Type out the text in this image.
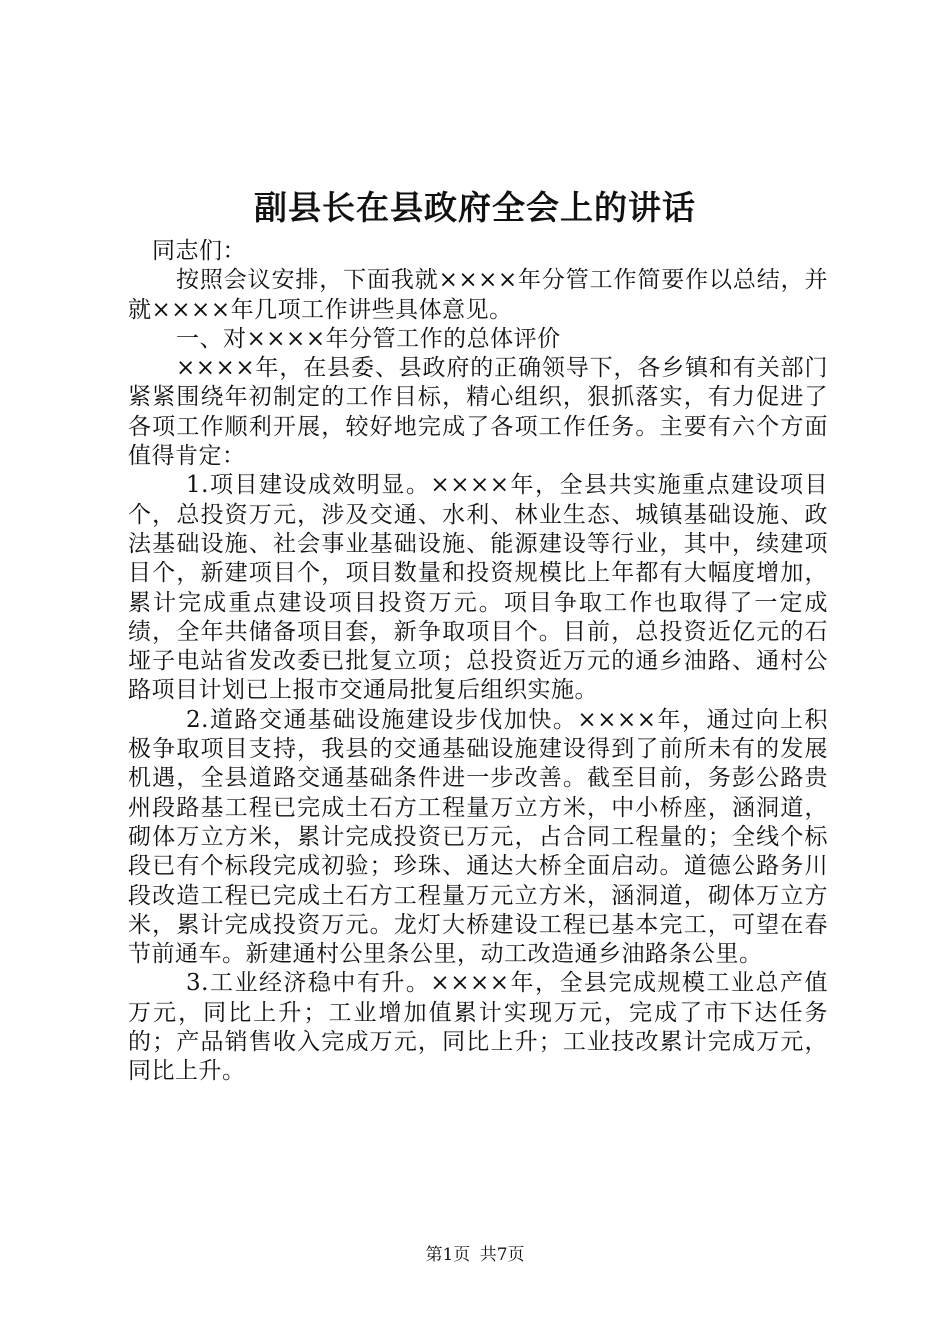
副县长在县政府全会上的讲话

同志们：

按照会议安排，下面我就××××年分管工作简要作以总结，并就××××年几项工作讲些具体意见。

一、对××××年分管工作的总体评价

××××年，在县委、县政府的正确领导下，各乡镇和有关部门紧紧围绕年初制定的工作目标，精心组织，狠抓落实，有力促进了各项工作顺利开展，较好地完成了各项工作任务。主要有六个方面值得肯定：

1.项目建设成效明显。××××年，全县共实施重点建设项目个，总投资万元，涉及交通、水利、林业生态、城镇基础设施、政法基础设施、社会事业基础设施、能源建设等行业，其中，续建项目个，新建项目个，项目数量和投资规模比上年都有大幅度增加，累计完成重点建设项目投资万元。项目争取工作也取得了一定成绩，全年共储备项目套，新争取项目个。目前，总投资近亿元的石垭子电站省发改委已批复立项；总投资近万元的通乡油路、通村公路项目计划已上报市交通局批复后组织实施。

2.道路交通基础设施建设步伐加快。××××年，通过向上积极争取项目支持，我县的交通基础设施建设得到了前所未有的发展机遇，全县道路交通基础条件进一步改善。截至目前，务彭公路贵州段路基工程已完成土石方工程量万立方米，中小桥座，涵洞道，砌体万立方米，累计完成投资已万元，占合同工程量的；全线个标段已有个标段完成初验；珍珠、通达大桥全面启动。道德公路务川段改造工程已完成土石方工程量万元立方米，涵洞道，砌体万立方米，累计完成投资万元。龙灯大桥建设工程已基本完工，可望在春节前通车。新建通村公里条公里，动工改造通乡油路条公里。

3.工业经济稳中有升。××××年，全县完成规模工业总产值万元，同比上升；工业增加值累计实现万元，完成了市下达任务的；产品销售收入完成万元，同比上升；工业技改累计完成万元，同比上升。

第1页 共7页
